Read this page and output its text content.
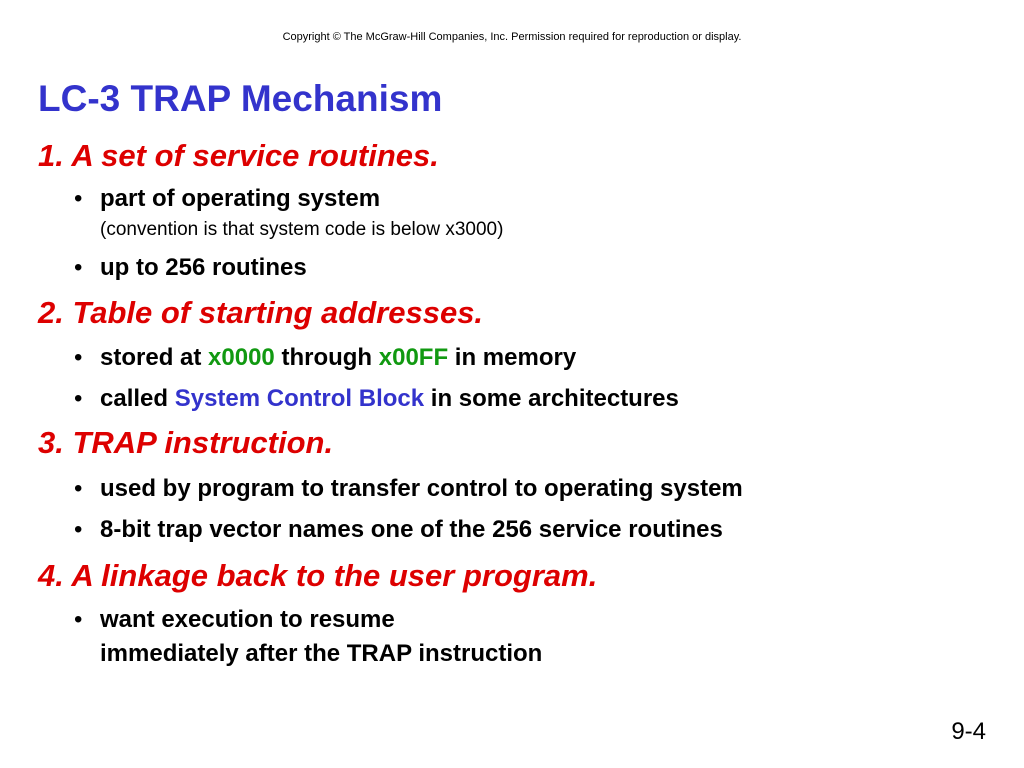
Copyright © The McGraw-Hill Companies, Inc. Permission required for reproduction or display.
LC-3 TRAP Mechanism
1. A set of service routines.
• part of operating system
(convention is that system code is below x3000)
• up to 256 routines
2. Table of starting addresses.
• stored at x0000 through x00FF in memory
• called System Control Block in some architectures
3. TRAP instruction.
• used by program to transfer control to operating system
• 8-bit trap vector names one of the 256 service routines
4. A linkage back to the user program.
• want execution to resume
immediately after the TRAP instruction
9-4
